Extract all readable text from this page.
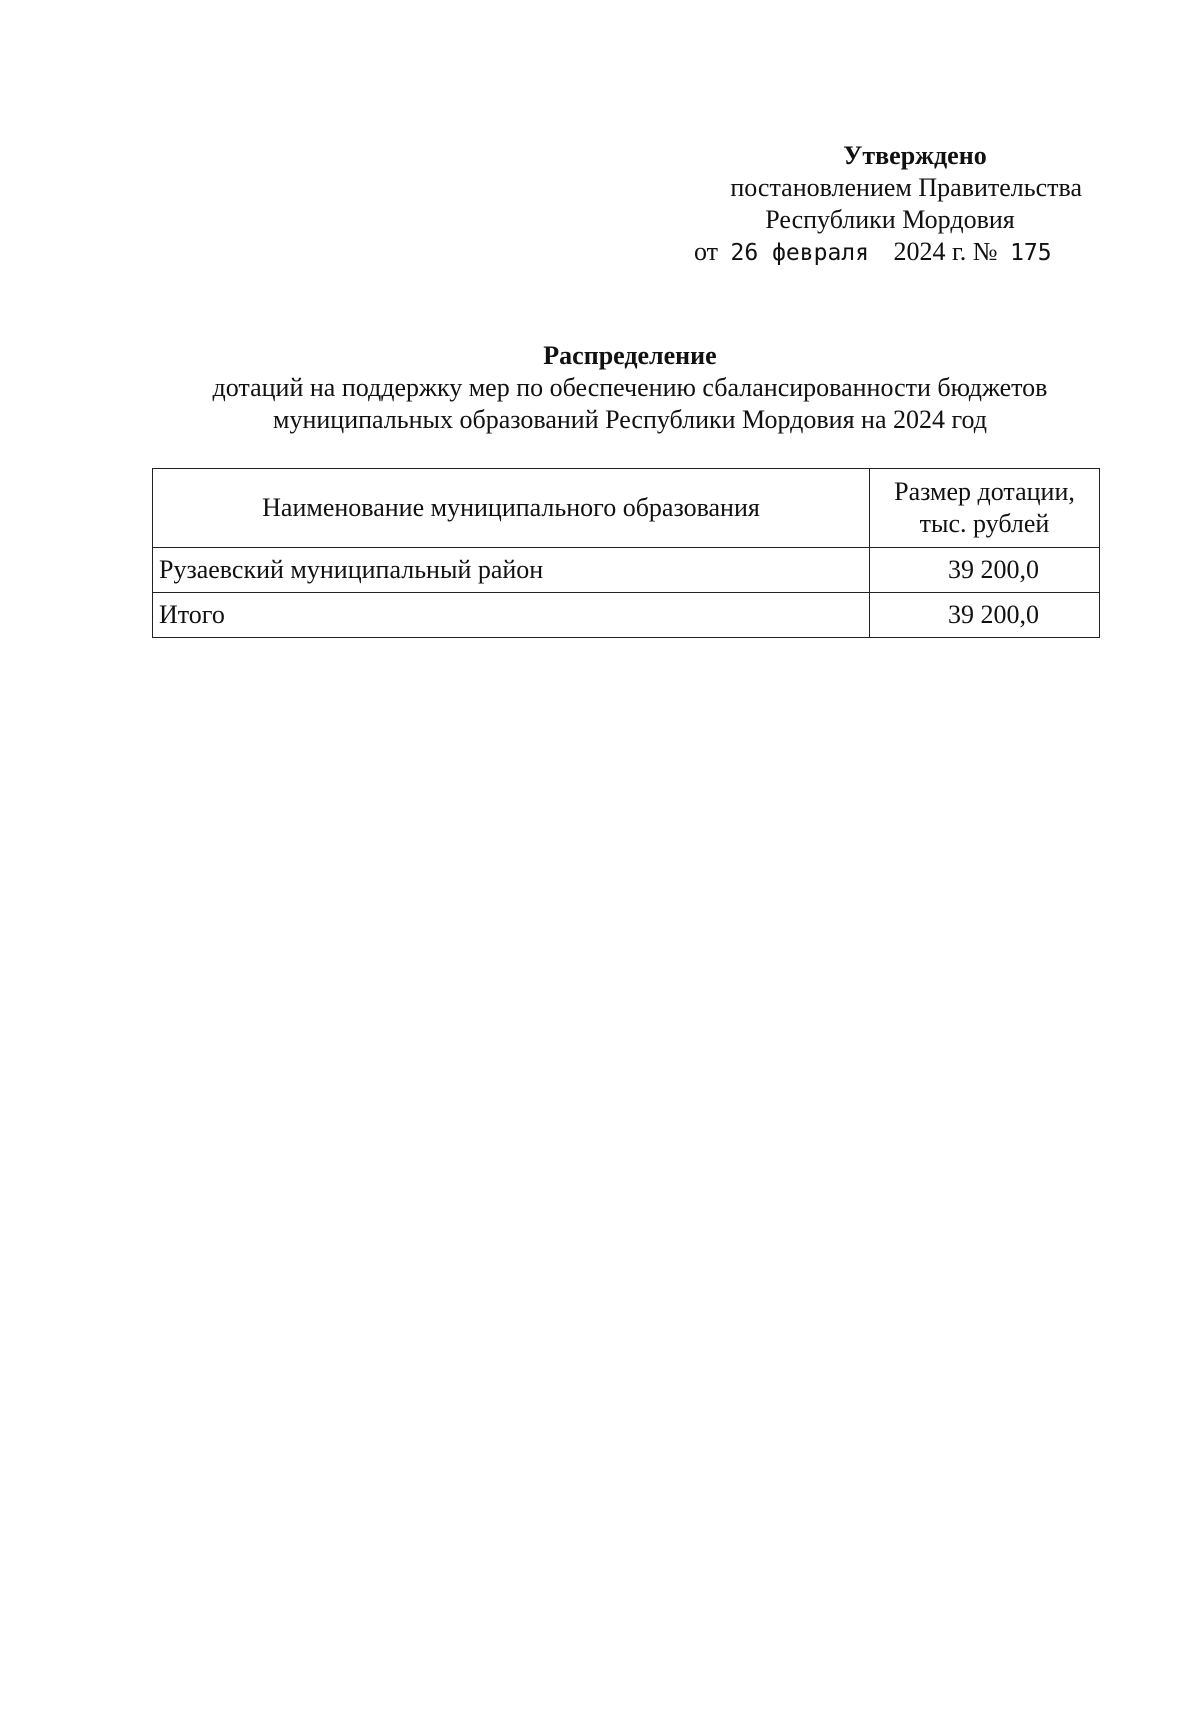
Утверждено
постановлением Правительства
Республики Мордовия
от 26 февраля 2024 г. № 175
Распределение
дотаций на поддержку мер по обеспечению сбалансированности бюджетов
муниципальных образований Республики Мордовия на 2024 год
Наименование муниципального образования	Размер дотации,
тыс. рублей

Рузаевский муниципальный район	39 200,0
Итого	39 200,0
